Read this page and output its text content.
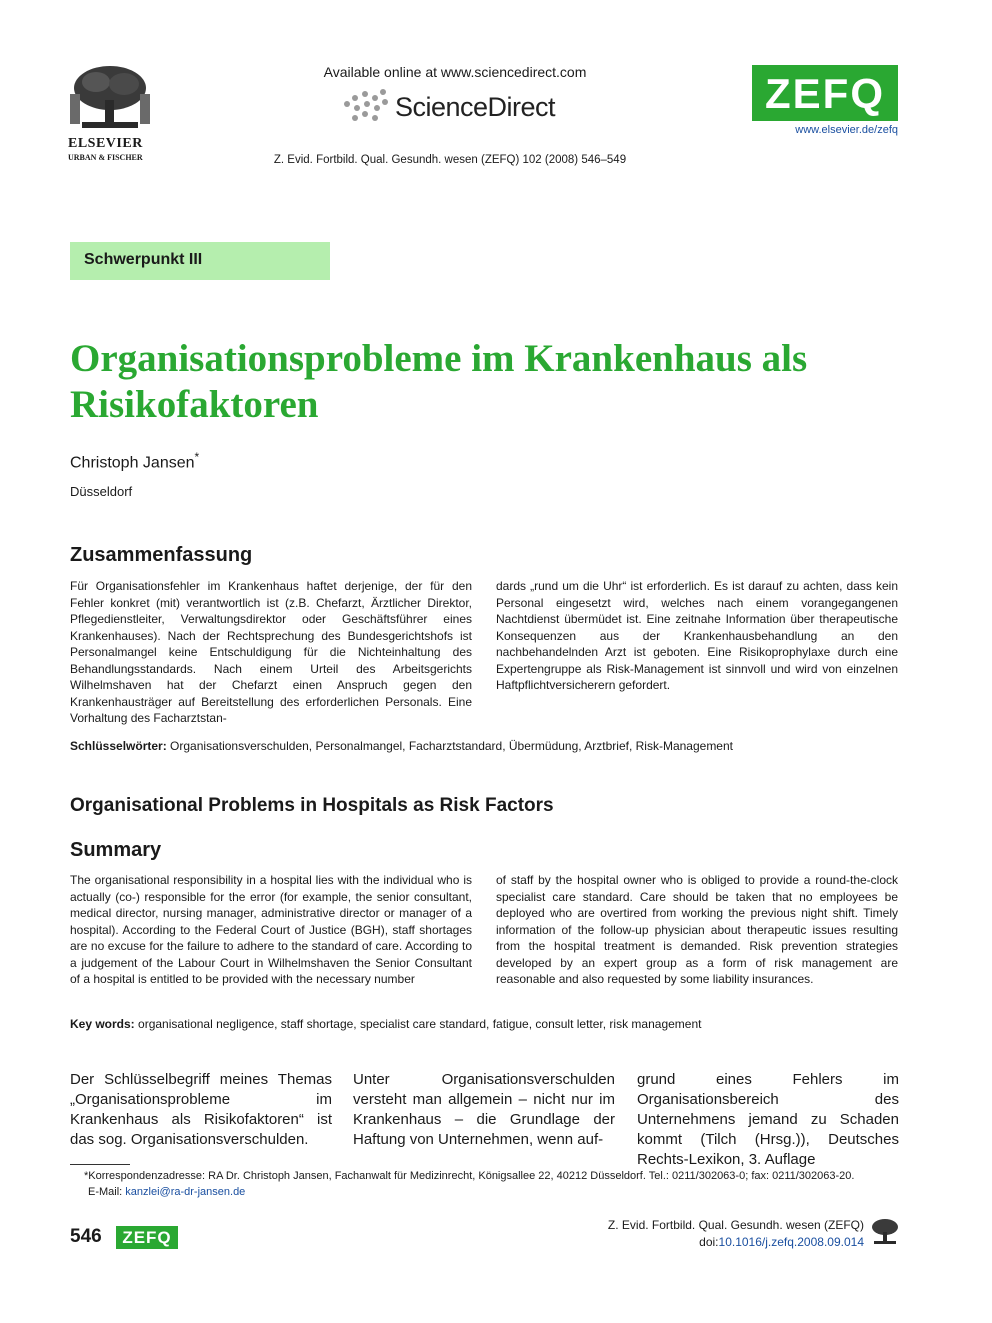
ELSEVIER
URBAN & FISCHER
Available online at www.sciencedirect.com
ScienceDirect	ZEFQ
www.elsevier.de/zefq
Z. Evid. Fortbild. Qual. Gesundh. wesen (ZEFQ) 102 (2008) 546–549
Schwerpunkt III
Organisationsprobleme im Krankenhaus als Risikofaktoren
Christoph Jansen*
Düsseldorf
Zusammenfassung
Für Organisationsfehler im Krankenhaus haftet derjenige, der für den Fehler konkret (mit) verantwortlich ist (z.B. Chefarzt, Ärztlicher Direktor, Pflegedienstleiter, Verwaltungsdirektor oder Geschäftsführer eines Krankenhauses). Nach der Rechtsprechung des Bundesgerichtshofs ist Personalmangel keine Entschuldigung für die Nichteinhaltung des Behandlungsstandards. Nach einem Urteil des Arbeitsgerichts Wilhelmshaven hat der Chefarzt einen Anspruch gegen den Krankenhausträger auf Bereitstellung des erforderlichen Personals. Eine Vorhaltung des Facharztstan-
dards „rund um die Uhr“ ist erforderlich. Es ist darauf zu achten, dass kein Personal eingesetzt wird, welches nach einem vorangegangenen Nachtdienst übermüdet ist. Eine zeitnahe Information über therapeutische Konsequenzen aus der Krankenhausbehandlung an den nachbehandelnden Arzt ist geboten. Eine Risikoprophylaxe durch eine Expertengruppe als Risk-Management ist sinnvoll und wird von einzelnen Haftpflichtversicherern gefordert.
Schlüsselwörter: Organisationsverschulden, Personalmangel, Facharztstandard, Übermüdung, Arztbrief, Risk-Management
Organisational Problems in Hospitals as Risk Factors
Summary
The organisational responsibility in a hospital lies with the individual who is actually (co-) responsible for the error (for example, the senior consultant, medical director, nursing manager, administrative director or manager of a hospital). According to the Federal Court of Justice (BGH), staff shortages are no excuse for the failure to adhere to the standard of care. According to a judgement of the Labour Court in Wilhelmshaven the Senior Consultant of a hospital is entitled to be provided with the necessary number
of staff by the hospital owner who is obliged to provide a round-the-clock specialist care standard. Care should be taken that no employees be deployed who are overtired from working the previous night shift. Timely information of the follow-up physician about therapeutic issues resulting from the hospital treatment is demanded. Risk prevention strategies developed by an expert group as a form of risk management are reasonable and also requested by some liability insurances.
Key words: organisational negligence, staff shortage, specialist care standard, fatigue, consult letter, risk management
Der Schlüsselbegriff meines Themas „Organisationsprobleme im Krankenhaus als Risikofaktoren“ ist das sog. Organisationsverschulden.
Unter Organisationsverschulden versteht man allgemein – nicht nur im Krankenhaus – die Grundlage der Haftung von Unternehmen, wenn auf-
grund eines Fehlers im Organisationsbereich des Unternehmens jemand zu Schaden kommt (Tilch (Hrsg.)), Deutsches Rechts-Lexikon, 3. Auflage
*Korrespondenzadresse: RA Dr. Christoph Jansen, Fachanwalt für Medizinrecht, Königsallee 22, 40212 Düsseldorf. Tel.: 0211/302063-0; fax: 0211/302063-20.
E-Mail: kanzlei@ra-dr-jansen.de
546	ZEFQ
Z. Evid. Fortbild. Qual. Gesundh. wesen (ZEFQ)
doi:10.1016/j.zefq.2008.09.014
